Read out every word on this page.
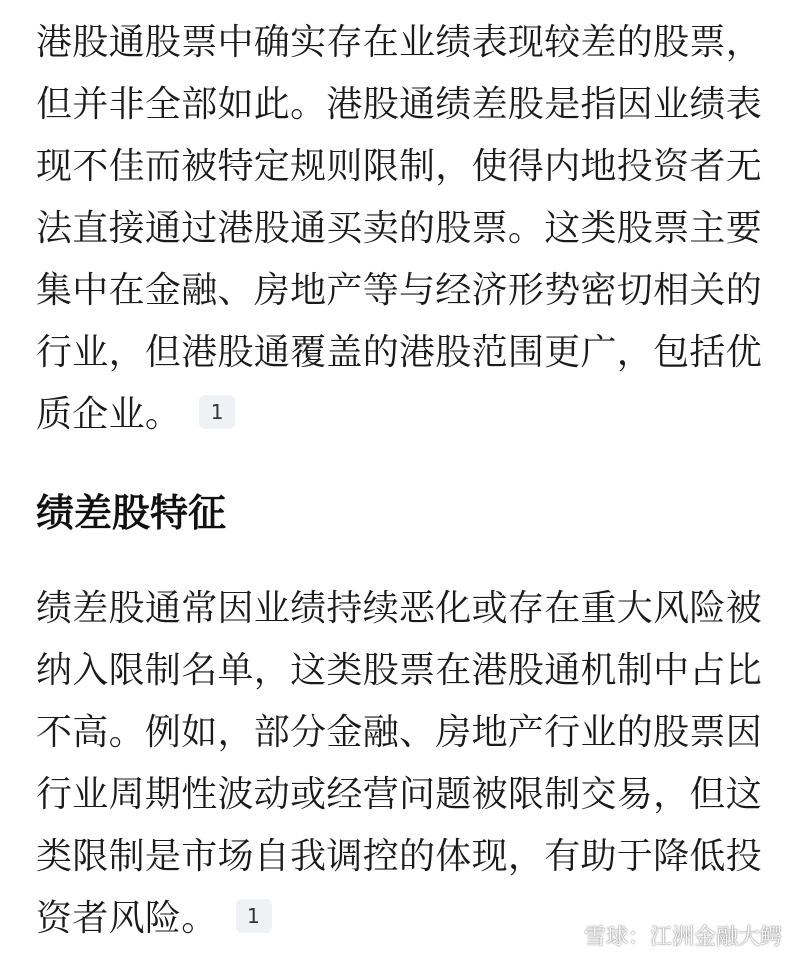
港股通股票中确实存在业绩表现较差的股票，但并非全部如此。港股通绩差股是指因业绩表现不佳而被特定规则限制，使得内地投资者无法直接通过港股通买卖的股票。这类股票主要集中在金融、房地产等与经济形势密切相关的行业，但港股通覆盖的港股范围更广，包括优质企业。 1

绩差股特征

绩差股通常因业绩持续恶化或存在重大风险被纳入限制名单，这类股票在港股通机制中占比不高。例如，部分金融、房地产行业的股票因行业周期性波动或经营问题被限制交易，但这类限制是市场自我调控的体现，有助于降低投资者风险。 1

雪球：江洲金融大鳄
